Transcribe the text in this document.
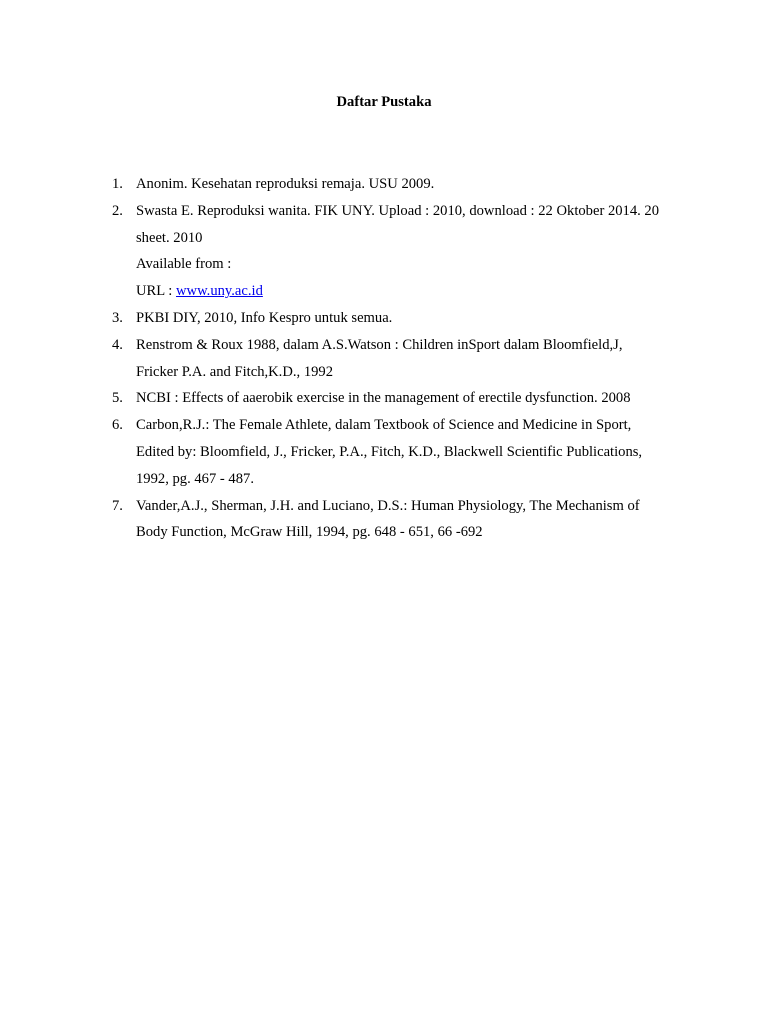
Daftar Pustaka
1. Anonim. Kesehatan reproduksi remaja. USU 2009.
2. Swasta E. Reproduksi wanita. FIK UNY. Upload : 2010, download : 22 Oktober 2014. 20
sheet. 2010
Available from :
URL : www.uny.ac.id
3. PKBI DIY, 2010, Info Kespro untuk semua.
4. Renstrom & Roux 1988, dalam A.S.Watson : Children inSport dalam Bloomfield,J,
Fricker P.A. and Fitch,K.D., 1992
5. NCBI : Effects of aaerobik exercise in the management of erectile dysfunction. 2008
6. Carbon,R.J.: The Female Athlete, dalam Textbook of Science and Medicine in Sport,
Edited by: Bloomfield, J., Fricker, P.A., Fitch, K.D., Blackwell Scientific Publications,
1992, pg. 467 - 487.
7. Vander,A.J., Sherman, J.H. and Luciano, D.S.: Human Physiology, The Mechanism of
Body Function, McGraw Hill, 1994, pg. 648 - 651, 66 -692
